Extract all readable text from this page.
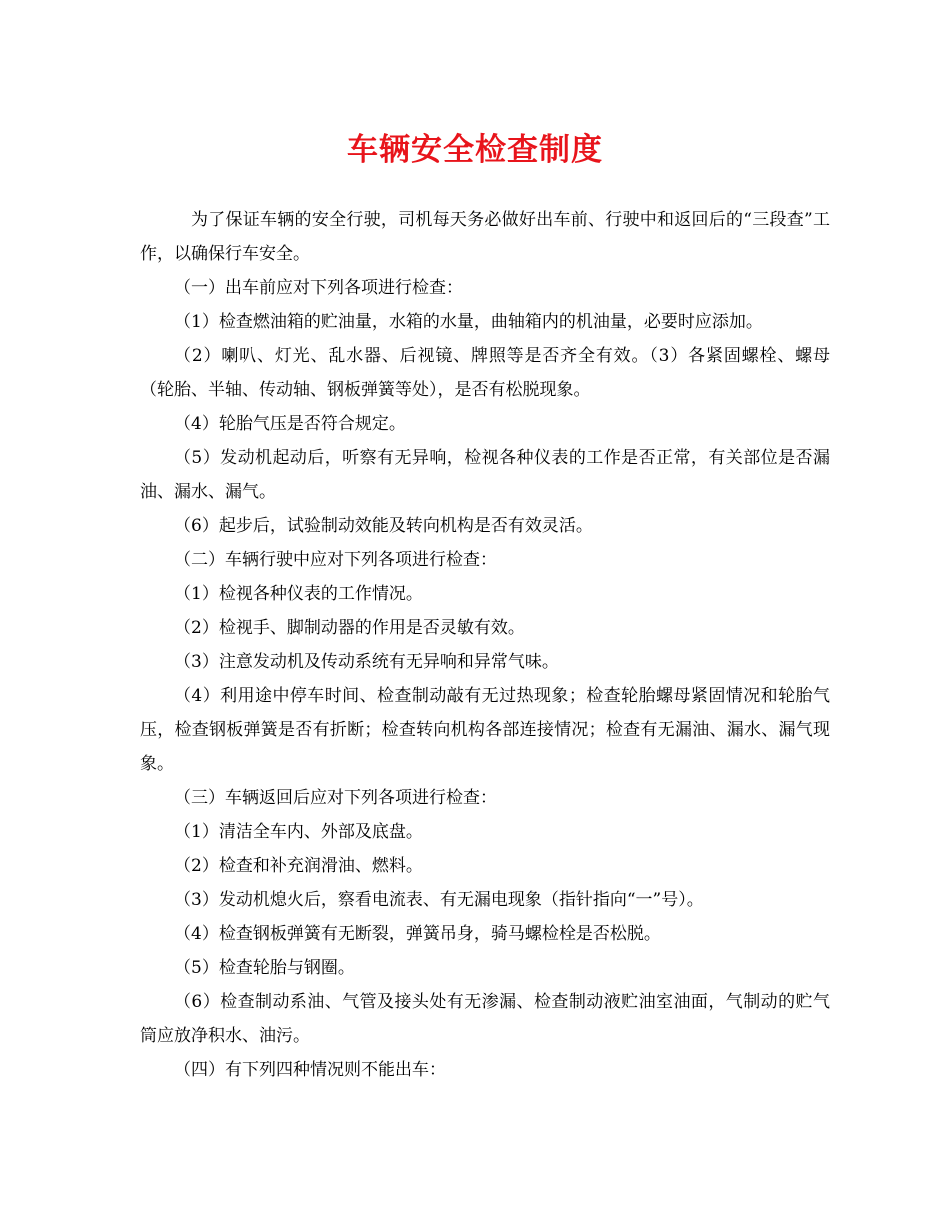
车辆安全检查制度

为了保证车辆的安全行驶，司机每天务必做好出车前、行驶中和返回后的“三段查”工作，以确保行车安全。

（一）出车前应对下列各项进行检查：

（1）检查燃油箱的贮油量，水箱的水量，曲轴箱内的机油量，必要时应添加。

（2）喇叭、灯光、乱水器、后视镜、牌照等是否齐全有效。（3）各紧固螺栓、螺母（轮胎、半轴、传动轴、钢板弹簧等处），是否有松脱现象。

（4）轮胎气压是否符合规定。

（5）发动机起动后，听察有无异响，检视各种仪表的工作是否正常，有关部位是否漏油、漏水、漏气。

（6）起步后，试验制动效能及转向机构是否有效灵活。

（二）车辆行驶中应对下列各项进行检查：

（1）检视各种仪表的工作情况。

（2）检视手、脚制动器的作用是否灵敏有效。

（3）注意发动机及传动系统有无异响和异常气味。

（4）利用途中停车时间、检查制动敲有无过热现象；检查轮胎螺母紧固情况和轮胎气压，检查钢板弹簧是否有折断；检查转向机构各部连接情况；检查有无漏油、漏水、漏气现象。

（三）车辆返回后应对下列各项进行检查：

（1）清洁全车内、外部及底盘。

（2）检查和补充润滑油、燃料。

（3）发动机熄火后，察看电流表、有无漏电现象（指针指向“一”号）。

（4）检查钢板弹簧有无断裂，弹簧吊身，骑马螺检栓是否松脱。

（5）检查轮胎与钢圈。

（6）检查制动系油、气管及接头处有无渗漏、检查制动液贮油室油面，气制动的贮气筒应放净积水、油污。

（四）有下列四种情况则不能出车：
